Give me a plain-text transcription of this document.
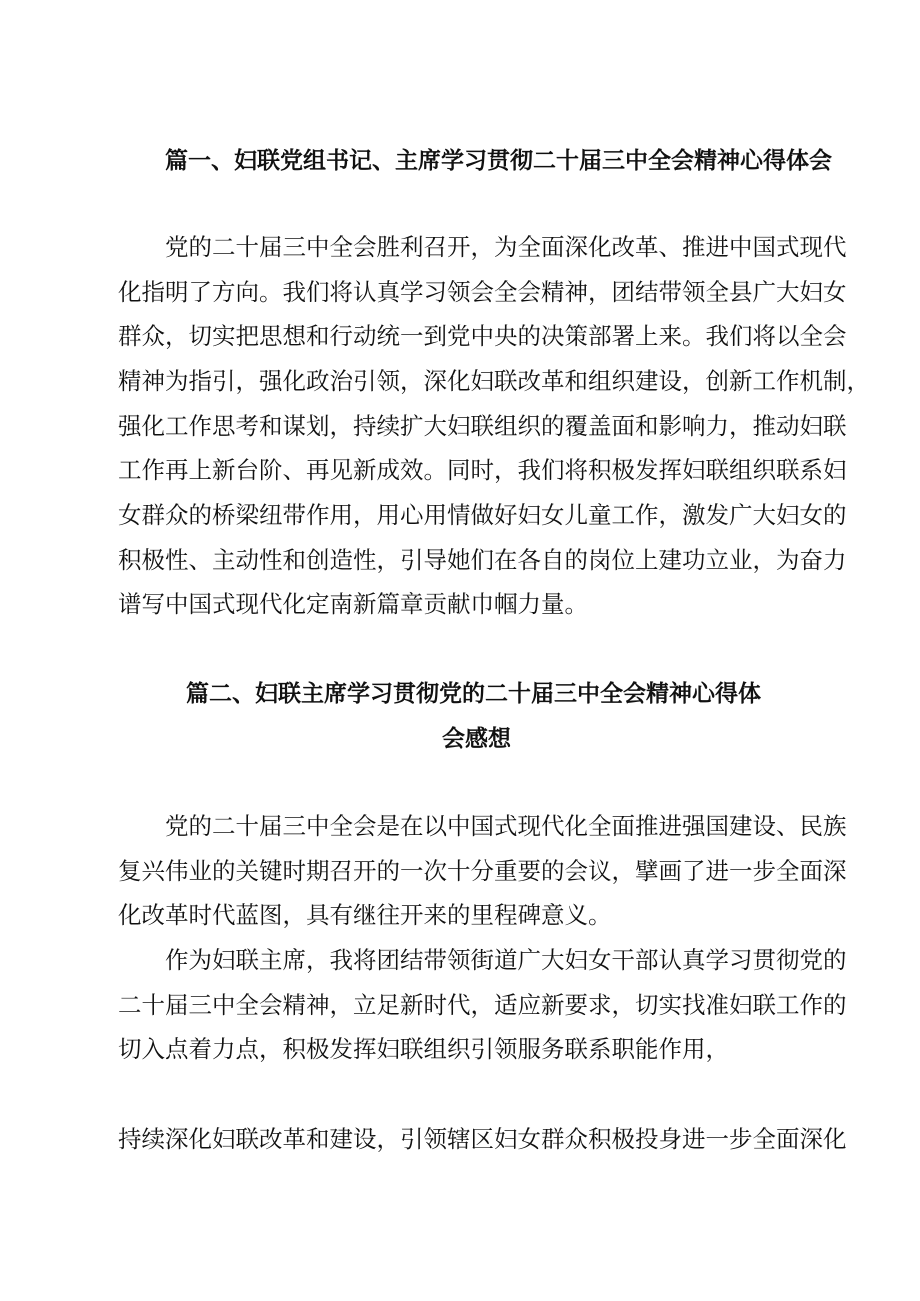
篇一、妇联党组书记、主席学习贯彻二十届三中全会精神心得体会
党的二十届三中全会胜利召开，为全面深化改革、推进中国式现代
化指明了方向。我们将认真学习领会全会精神，团结带领全县广大妇女
群众，切实把思想和行动统一到党中央的决策部署上来。我们将以全会
精神为指引，强化政治引领，深化妇联改革和组织建设，创新工作机制，
强化工作思考和谋划，持续扩大妇联组织的覆盖面和影响力，推动妇联
工作再上新台阶、再见新成效。同时，我们将积极发挥妇联组织联系妇
女群众的桥梁纽带作用，用心用情做好妇女儿童工作，激发广大妇女的
积极性、主动性和创造性，引导她们在各自的岗位上建功立业，为奋力
谱写中国式现代化定南新篇章贡献巾帼力量。
篇二、妇联主席学习贯彻党的二十届三中全会精神心得体
会感想
党的二十届三中全会是在以中国式现代化全面推进强国建设、民族
复兴伟业的关键时期召开的一次十分重要的会议，擘画了进一步全面深
化改革时代蓝图，具有继往开来的里程碑意义。
作为妇联主席，我将团结带领街道广大妇女干部认真学习贯彻党的
二十届三中全会精神，立足新时代，适应新要求，切实找准妇联工作的
切入点着力点，积极发挥妇联组织引领服务联系职能作用，
持续深化妇联改革和建设，引领辖区妇女群众积极投身进一步全面深化
